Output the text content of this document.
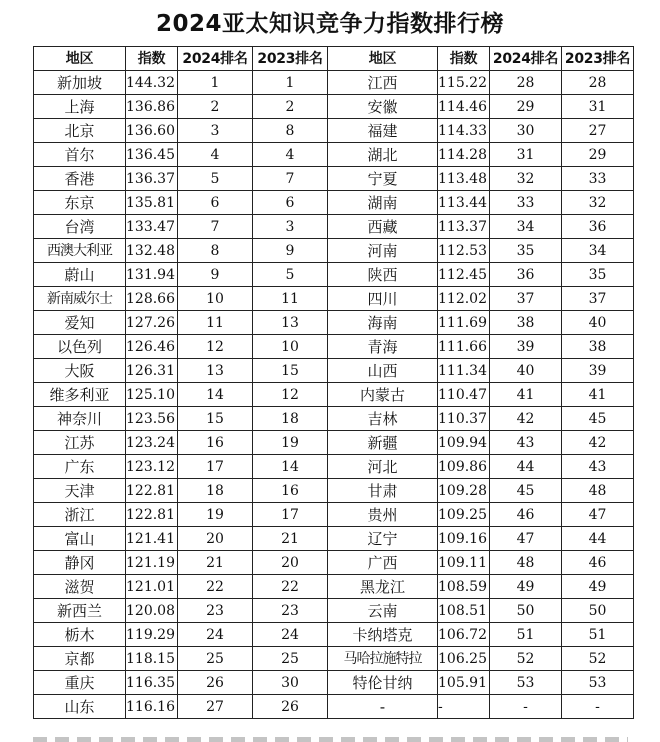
2024亚太知识竞争力指数排行榜
地区	指数	2024排名	2023排名	地区	指数	2024排名	2023排名
新加坡	144.32	1	1	江西	115.22	28	28
上海	136.86	2	2	安徽	114.46	29	31
北京	136.60	3	8	福建	114.33	30	27
首尔	136.45	4	4	湖北	114.28	31	29
香港	136.37	5	7	宁夏	113.48	32	33
东京	135.81	6	6	湖南	113.44	33	32
台湾	133.47	7	3	西藏	113.37	34	36
西澳大利亚	132.48	8	9	河南	112.53	35	34
蔚山	131.94	9	5	陕西	112.45	36	35
新南威尔士	128.66	10	11	四川	112.02	37	37
爱知	127.26	11	13	海南	111.69	38	40
以色列	126.46	12	10	青海	111.66	39	38
大阪	126.31	13	15	山西	111.34	40	39
维多利亚	125.10	14	12	内蒙古	110.47	41	41
神奈川	123.56	15	18	吉林	110.37	42	45
江苏	123.24	16	19	新疆	109.94	43	42
广东	123.12	17	14	河北	109.86	44	43
天津	122.81	18	16	甘肃	109.28	45	48
浙江	122.81	19	17	贵州	109.25	46	47
富山	121.41	20	21	辽宁	109.16	47	44
静冈	121.19	21	20	广西	109.11	48	46
滋贺	121.01	22	22	黑龙江	108.59	49	49
新西兰	120.08	23	23	云南	108.51	50	50
栃木	119.29	24	24	卡纳塔克	106.72	51	51
京都	118.15	25	25	马哈拉施特拉	106.25	52	52
重庆	116.35	26	30	特伦甘纳	105.91	53	53
山东	116.16	27	26	-	-	-	-
